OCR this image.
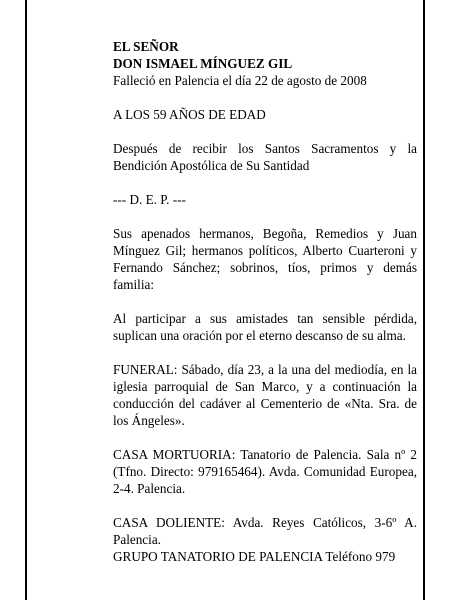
EL SEÑOR
DON ISMAEL MÍNGUEZ GIL

Falleció en Palencia el día 22 de agosto de 2008

A LOS 59 AÑOS DE EDAD

Después de recibir los Santos Sacramentos y la Bendición Apostólica de Su Santidad

--- D. E. P. ---

Sus apenados hermanos, Begoña, Remedios y Juan Mínguez Gil; hermanos políticos, Alberto Cuarteroni y Fernando Sánchez; sobrinos, tíos, primos y demás familia:

Al participar a sus amistades tan sensible pérdida, suplican una oración por el eterno descanso de su alma.

FUNERAL: Sábado, día 23, a la una del mediodía, en la iglesia parroquial de San Marco, y a continuación la conducción del cadáver al Cementerio de «Nta. Sra. de los Ángeles».

CASA MORTUORIA: Tanatorio de Palencia. Sala nº 2 (Tfno. Directo: 979165464). Avda. Comunidad Europea, 2-4. Palencia.

CASA DOLIENTE: Avda. Reyes Católicos, 3-6º A. Palencia.

GRUPO TANATORIO DE PALENCIA Teléfono 979
